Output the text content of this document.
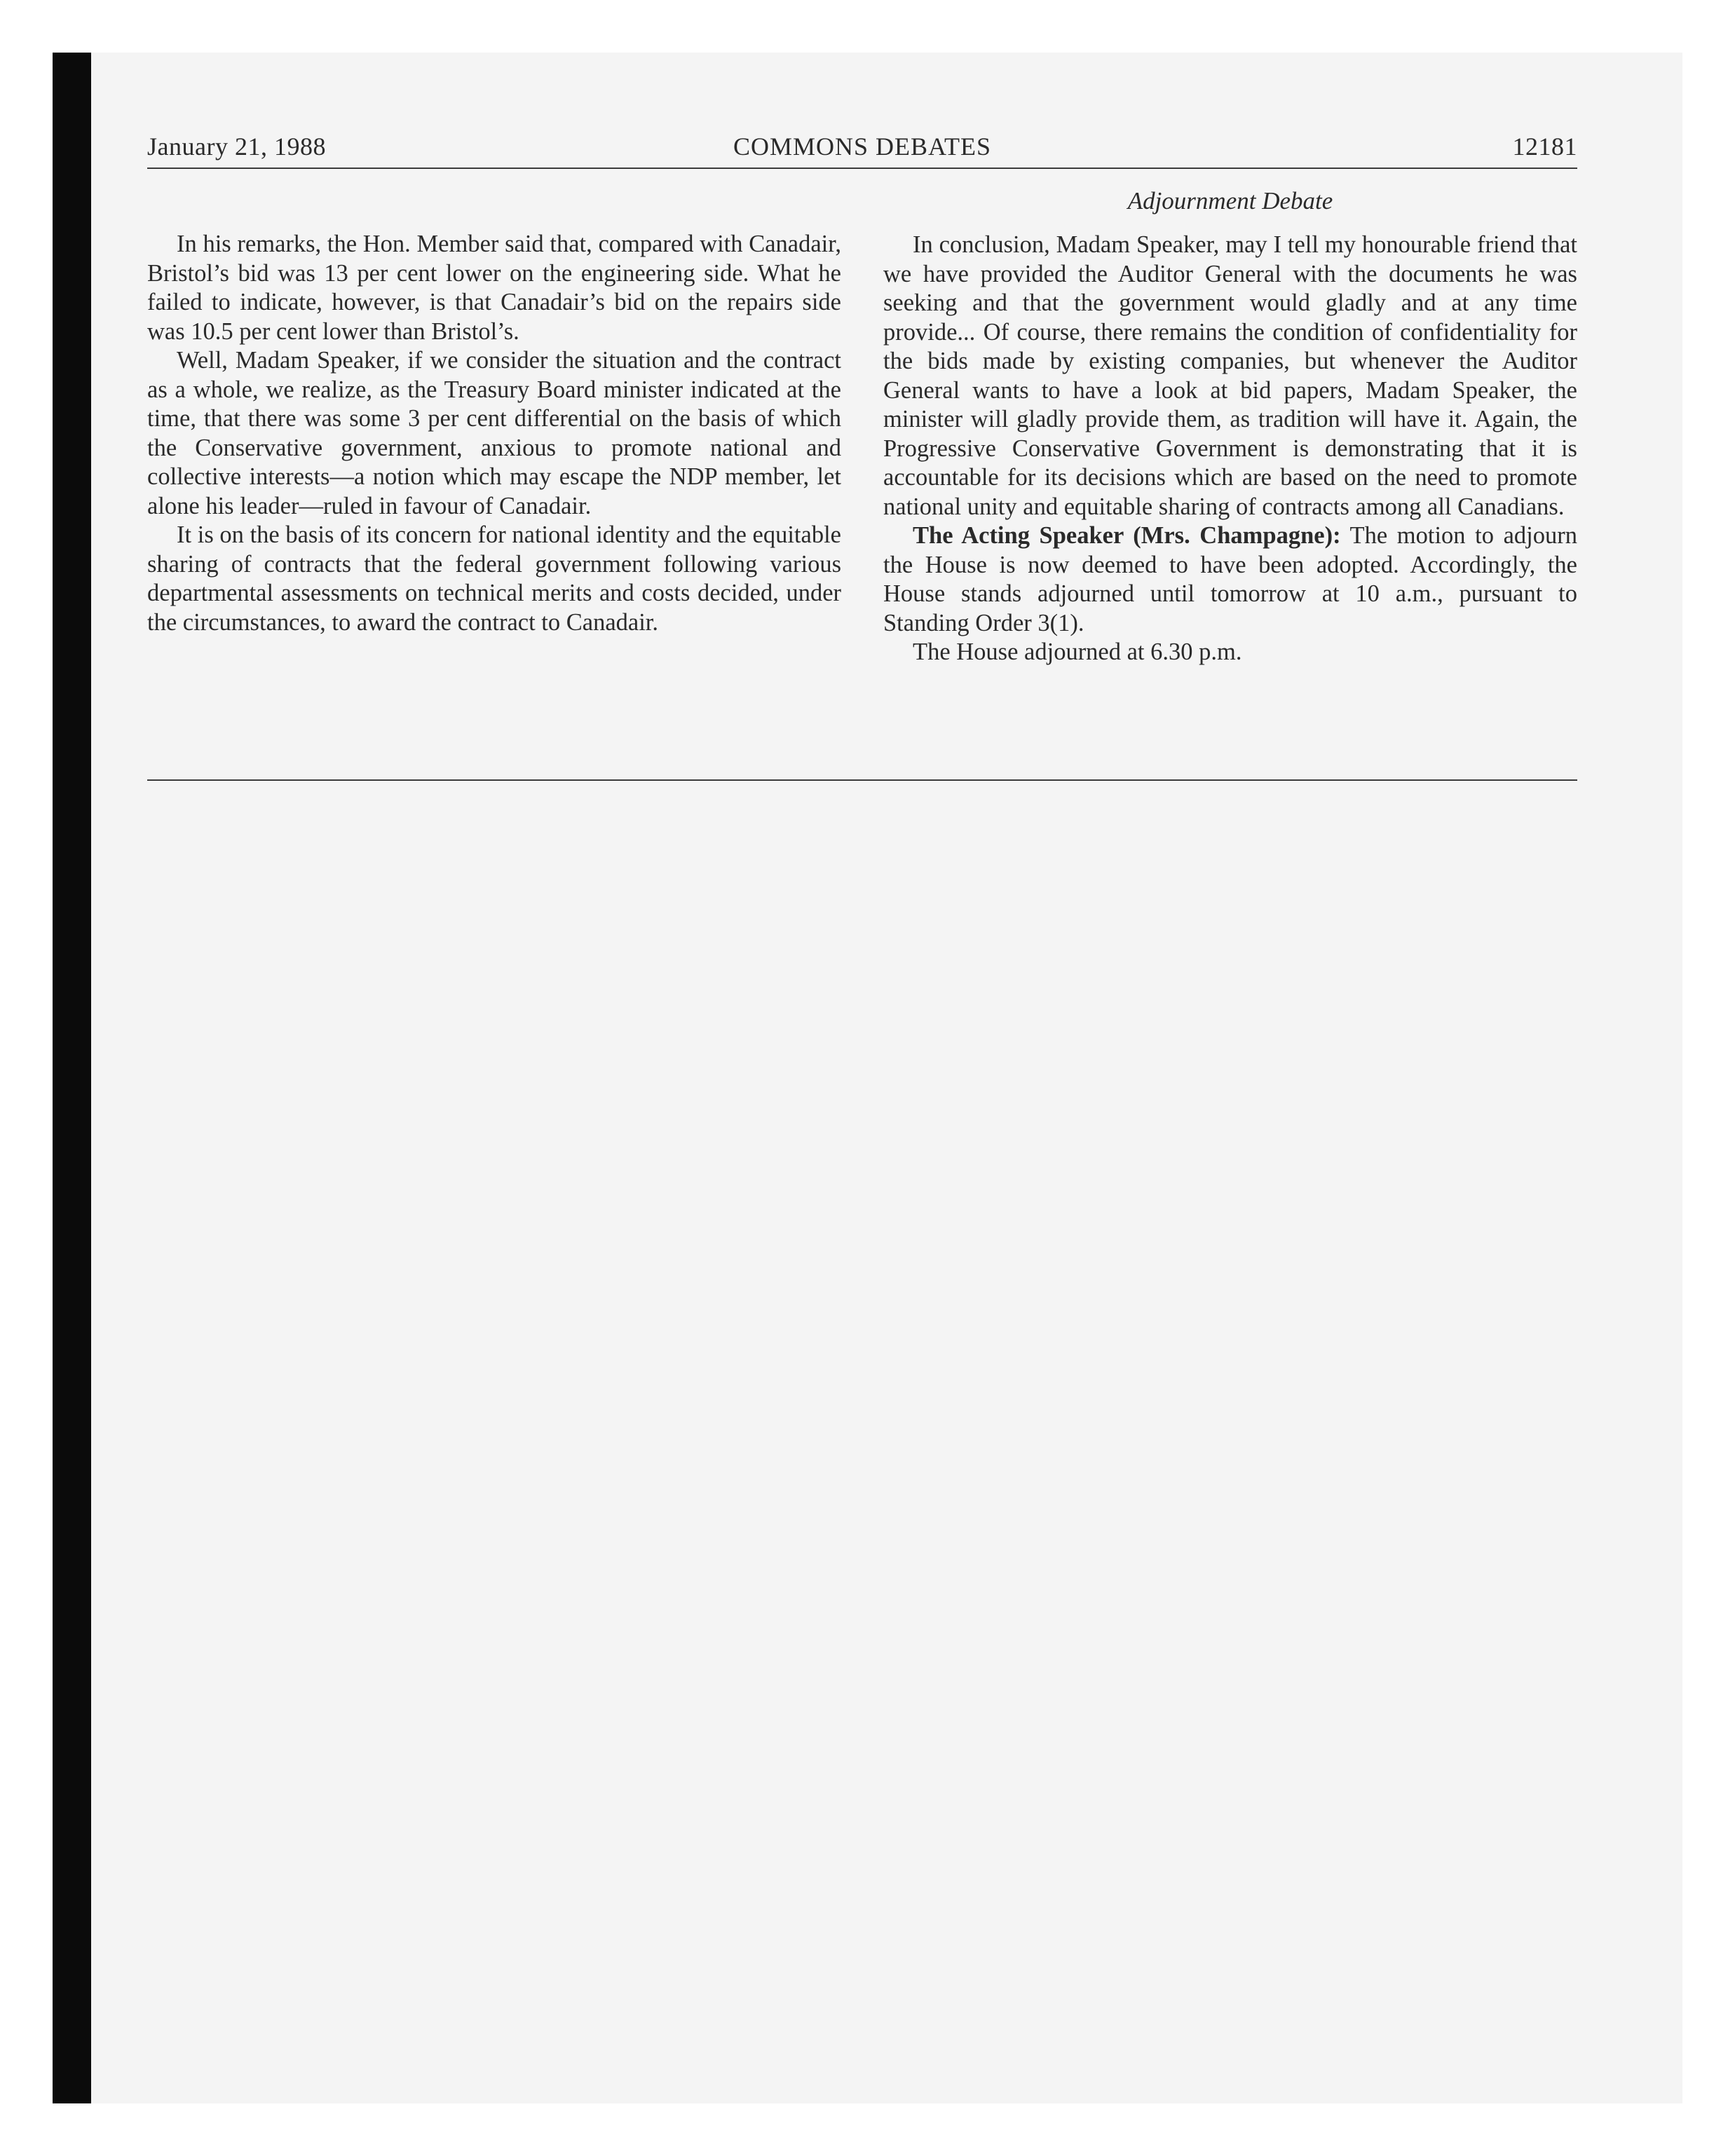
January 21, 1988	COMMONS DEBATES	12181

In his remarks, the Hon. Member said that, compared with Canadair, Bristol’s bid was 13 per cent lower on the engineering side. What he failed to indicate, however, is that Canadair’s bid on the repairs side was 10.5 per cent lower than Bristol’s.

Well, Madam Speaker, if we consider the situation and the contract as a whole, we realize, as the Treasury Board minister indicated at the time, that there was some 3 per cent differential on the basis of which the Conservative government, anxious to promote national and collective interests—a notion which may escape the NDP member, let alone his leader—ruled in favour of Canadair.

It is on the basis of its concern for national identity and the equitable sharing of contracts that the federal government following various departmental assessments on technical merits and costs decided, under the circumstances, to award the contract to Canadair.

Adjournment Debate

In conclusion, Madam Speaker, may I tell my honourable friend that we have provided the Auditor General with the documents he was seeking and that the government would gladly and at any time provide... Of course, there remains the condition of confidentiality for the bids made by existing companies, but whenever the Auditor General wants to have a look at bid papers, Madam Speaker, the minister will gladly provide them, as tradition will have it. Again, the Progressive Conservative Government is demonstrating that it is accountable for its decisions which are based on the need to promote national unity and equitable sharing of contracts among all Canadians.

The Acting Speaker (Mrs. Champagne): The motion to adjourn the House is now deemed to have been adopted. Accordingly, the House stands adjourned until tomorrow at 10 a.m., pursuant to Standing Order 3(1).

The House adjourned at 6.30 p.m.
